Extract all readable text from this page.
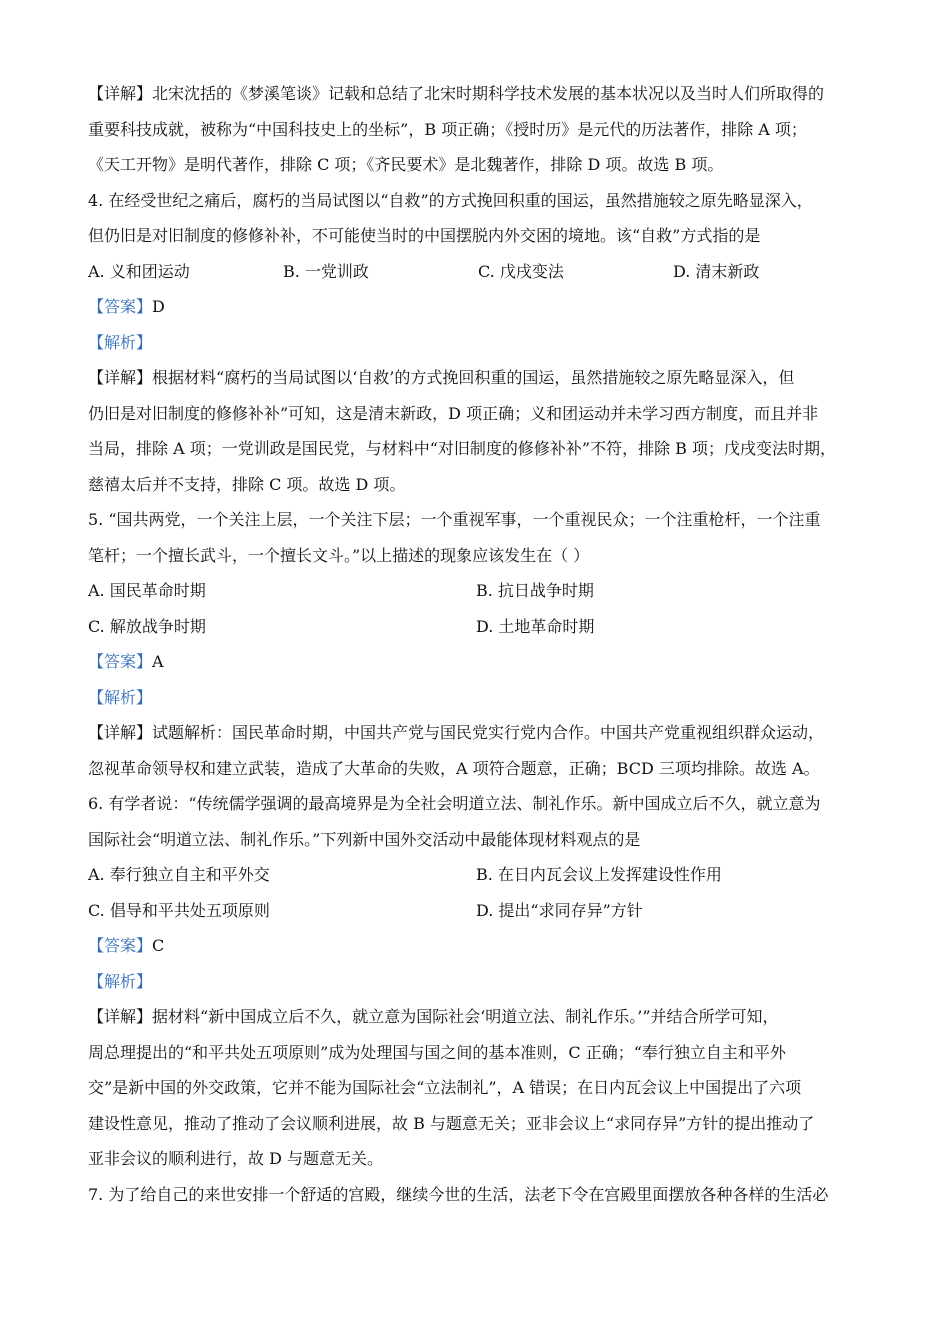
【详解】北宋沈括的《梦溪笔谈》记载和总结了北宋时期科学技术发展的基本状况以及当时人们所取得的
重要科技成就，被称为“中国科技史上的坐标”，B 项正确；《授时历》是元代的历法著作，排除 A 项；
《天工开物》是明代著作，排除 C 项；《齐民要术》是北魏著作，排除 D 项。故选 B 项。
4. 在经受世纪之痛后，腐朽的当局试图以“自救”的方式挽回积重的国运，虽然措施较之原先略显深入，
但仍旧是对旧制度的修修补补，不可能使当时的中国摆脱内外交困的境地。该“自救”方式指的是
A. 义和团运动	B. 一党训政	C. 戊戌变法	D. 清末新政
【答案】D
【解析】
【详解】根据材料“腐朽的当局试图以‘自救’的方式挽回积重的国运，虽然措施较之原先略显深入，但
仍旧是对旧制度的修修补补”可知，这是清末新政，D 项正确；义和团运动并未学习西方制度，而且并非
当局，排除 A 项；一党训政是国民党，与材料中“对旧制度的修修补补”不符，排除 B 项；戊戌变法时期，
慈禧太后并不支持，排除 C 项。故选 D 项。
5. “国共两党，一个关注上层，一个关注下层；一个重视军事，一个重视民众；一个注重枪杆，一个注重
笔杆；一个擅长武斗，一个擅长文斗。”以上描述的现象应该发生在（ ）
A. 国民革命时期	B. 抗日战争时期
C. 解放战争时期	D. 土地革命时期
【答案】A
【解析】
【详解】试题解析：国民革命时期，中国共产党与国民党实行党内合作。中国共产党重视组织群众运动，
忽视革命领导权和建立武装，造成了大革命的失败，A 项符合题意，正确；BCD 三项均排除。故选 A。
6. 有学者说：“传统儒学强调的最高境界是为全社会明道立法、制礼作乐。新中国成立后不久，就立意为
国际社会“明道立法、制礼作乐。”下列新中国外交活动中最能体现材料观点的是
A. 奉行独立自主和平外交	B. 在日内瓦会议上发挥建设性作用
C. 倡导和平共处五项原则	D. 提出“求同存异”方针
【答案】C
【解析】
【详解】据材料“新中国成立后不久，就立意为国际社会‘明道立法、制礼作乐。’”并结合所学可知，
周总理提出的“和平共处五项原则”成为处理国与国之间的基本准则，C 正确；“奉行独立自主和平外
交”是新中国的外交政策，它并不能为国际社会“立法制礼”，A 错误；在日内瓦会议上中国提出了六项
建设性意见，推动了推动了会议顺利进展，故 B 与题意无关；亚非会议上“求同存异”方针的提出推动了
亚非会议的顺利进行，故 D 与题意无关。
7. 为了给自己的来世安排一个舒适的宫殿，继续今世的生活，法老下令在宫殿里面摆放各种各样的生活必
